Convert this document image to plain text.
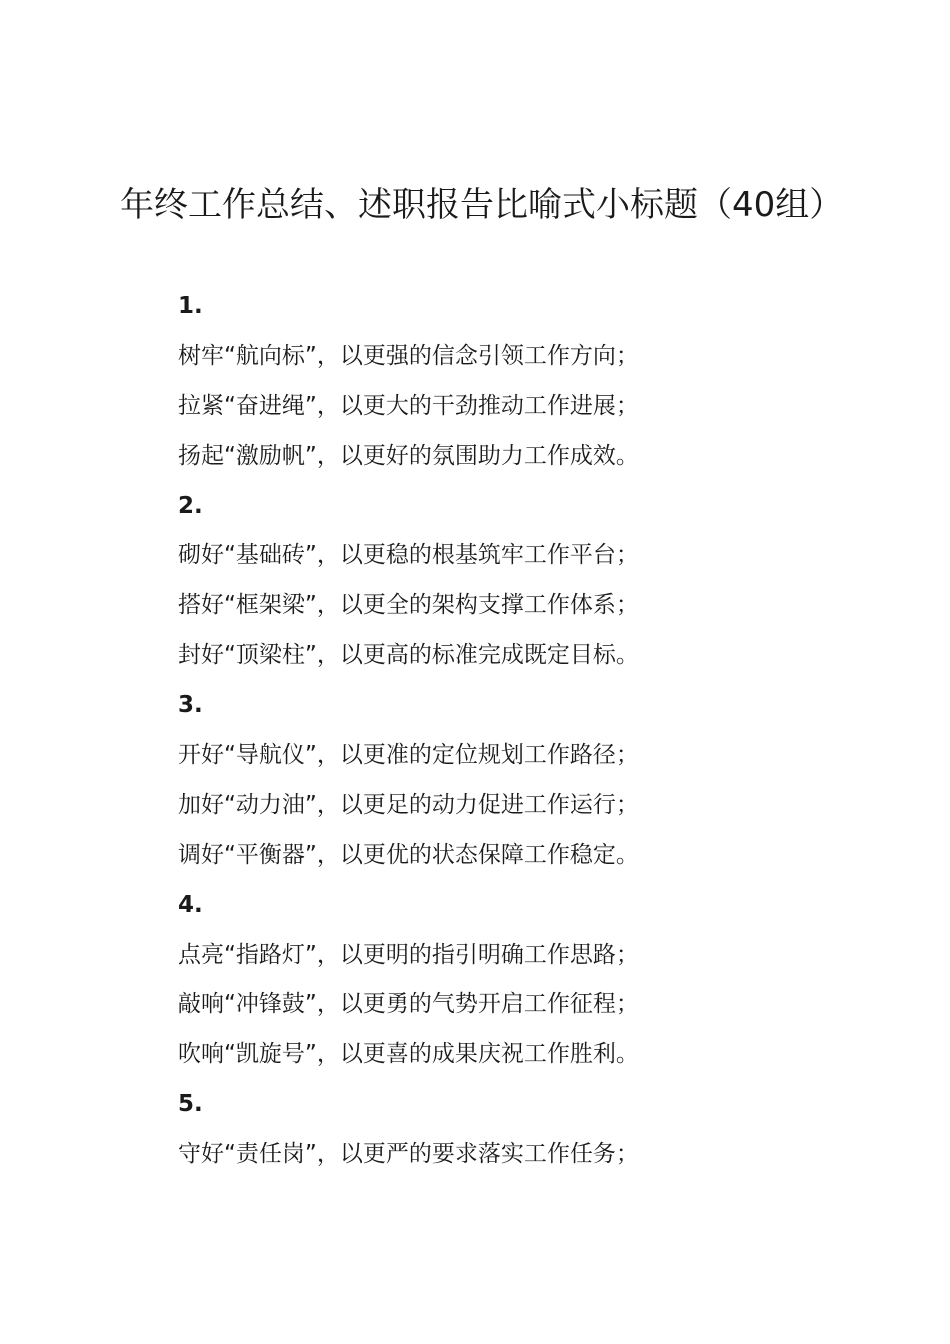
年终工作总结、述职报告比喻式小标题（40组）
1.
树牢“航向标”，以更强的信念引领工作方向；
拉紧“奋进绳”，以更大的干劲推动工作进展；
扬起“激励帆”，以更好的氛围助力工作成效。
2.
砌好“基础砖”，以更稳的根基筑牢工作平台；
搭好“框架梁”，以更全的架构支撑工作体系；
封好“顶梁柱”，以更高的标准完成既定目标。
3.
开好“导航仪”，以更准的定位规划工作路径；
加好“动力油”，以更足的动力促进工作运行；
调好“平衡器”，以更优的状态保障工作稳定。
4.
点亮“指路灯”，以更明的指引明确工作思路；
敲响“冲锋鼓”，以更勇的气势开启工作征程；
吹响“凯旋号”，以更喜的成果庆祝工作胜利。
5.
守好“责任岗”，以更严的要求落实工作任务；
